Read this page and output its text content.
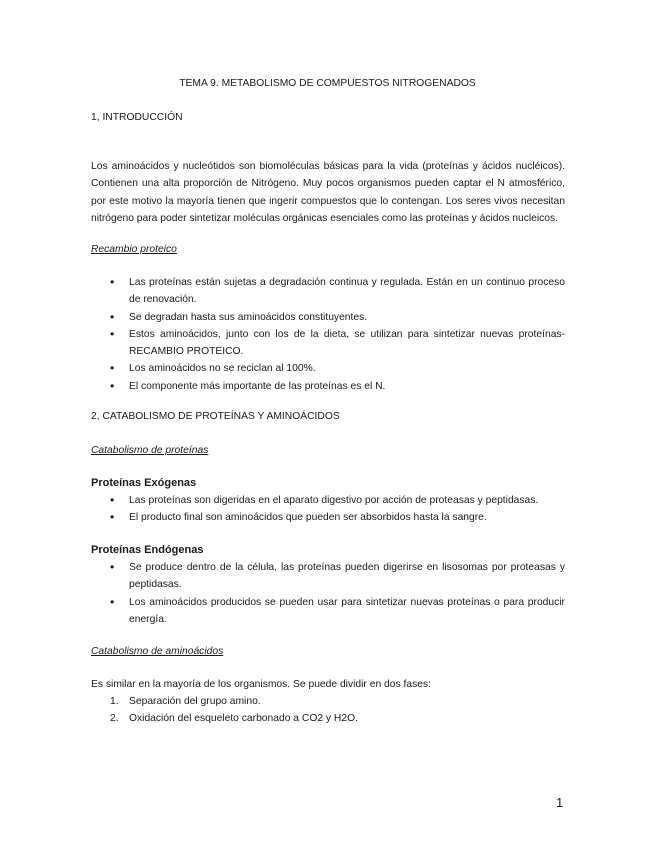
TEMA 9. METABOLISMO DE COMPUESTOS NITROGENADOS

1, INTRODUCCIÓN

Los aminoácidos y nucleótidos son biomoléculas básicas para la vida (proteínas y ácidos nucléicos). Contienen una alta proporción de Nitrógeno. Muy pocos organismos pueden captar el N atmosférico, por este motivo la mayoría tienen que ingerir compuestos que lo contengan. Los seres vivos necesitan nitrógeno para poder sintetizar moléculas orgánicas esenciales como las proteínas y ácidos nucleicos.

Recambio proteico

• Las proteínas están sujetas a degradación continua y regulada. Están en un continuo proceso de renovación.
• Se degradan hasta sus aminoácidos constituyentes.
• Estos aminoácidos, junto con los de la dieta, se utilizan para sintetizar nuevas proteínas-RECAMBIO PROTEICO.
• Los aminoácidos no se reciclan al 100%.
• El componente más importante de las proteínas es el N.

2, CATABOLISMO DE PROTEÍNAS Y AMINOÁCIDOS

Catabolismo de proteínas

Proteínas Exógenas

• Las proteínas son digeridas en el aparato digestivo por acción de proteasas y peptidasas.
• El producto final son aminoácidos que pueden ser absorbidos hasta la sangre.

Proteínas Endógenas

• Se produce dentro de la célula, las proteínas pueden digerirse en lisosomas por proteasas y peptidasas.
• Los aminoácidos producidos se pueden usar para sintetizar nuevas proteínas o para producir energía.

Catabolismo de aminoácidos

Es similar en la mayoría de los organismos. Se puede dividir en dos fases:

1. Separación del grupo amino.
2. Oxidación del esqueleto carbonado a CO2 y H2O.
1
